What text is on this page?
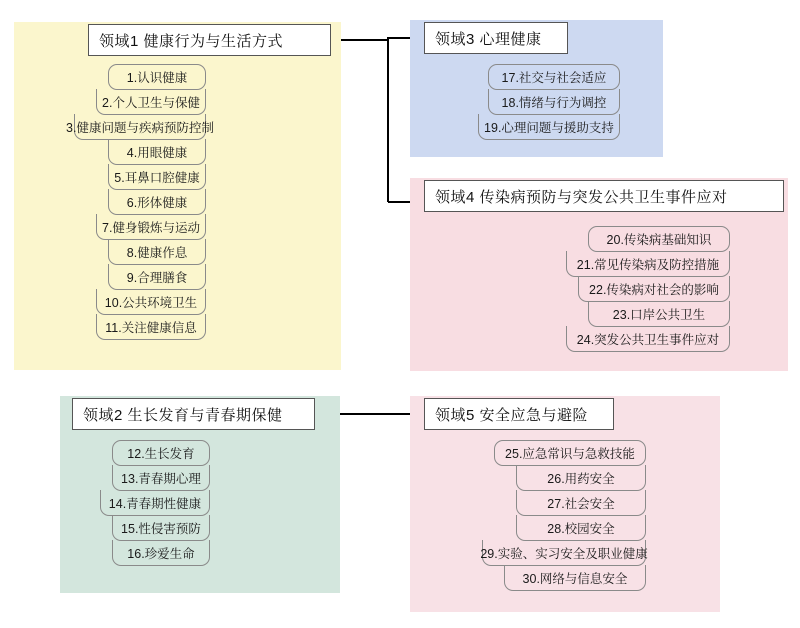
领域1 健康行为与生活方式
1.认识健康
2.个人卫生与保健
3.健康问题与疾病预防控制
4.用眼健康
5.耳鼻口腔健康
6.形体健康
7.健身锻炼与运动
8.健康作息
9.合理膳食
10.公共环境卫生
11.关注健康信息
领域3 心理健康
17.社交与社会适应
18.情绪与行为调控
19.心理问题与援助支持
领域4 传染病预防与突发公共卫生事件应对
20.传染病基础知识
21.常见传染病及防控措施
22.传染病对社会的影响
23.口岸公共卫生
24.突发公共卫生事件应对
领域2 生长发育与青春期保健
12.生长发育
13.青春期心理
14.青春期性健康
15.性侵害预防
16.珍爱生命
领域5 安全应急与避险
25.应急常识与急救技能
26.用药安全
27.社会安全
28.校园安全
29.实验、实习安全及职业健康
30.网络与信息安全
